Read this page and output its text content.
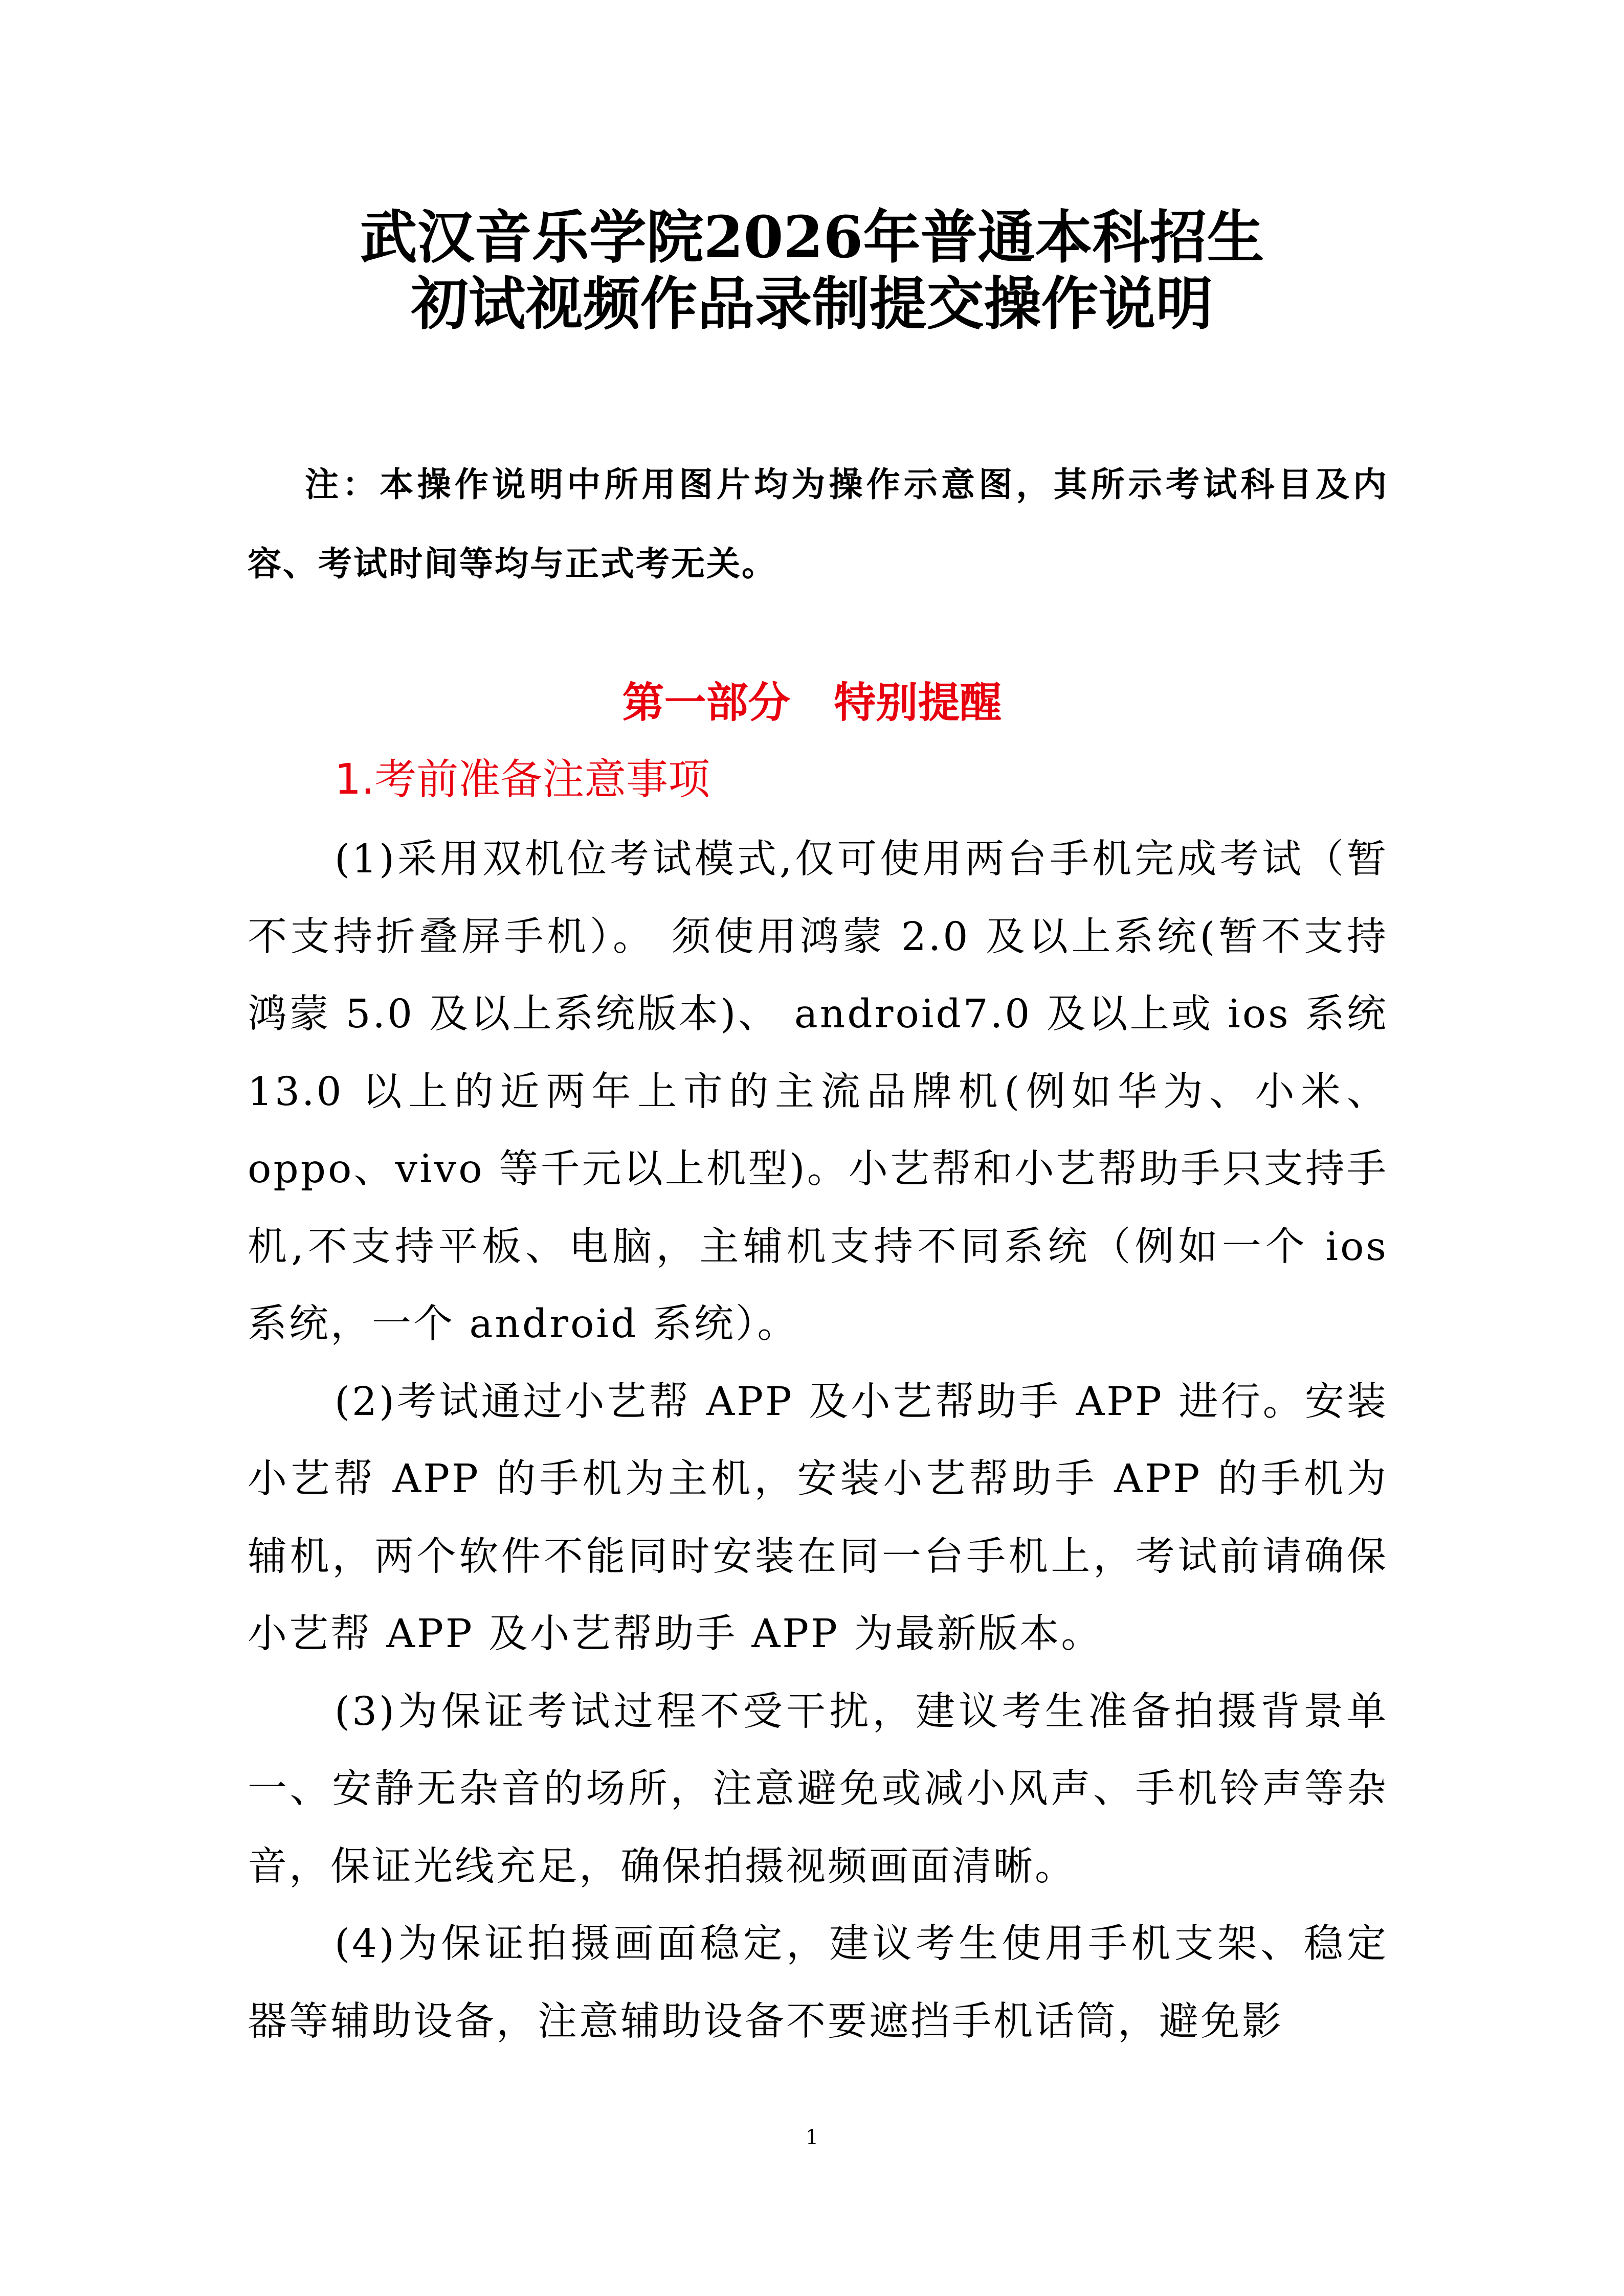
武汉音乐学院2026年普通本科招生
初试视频作品录制提交操作说明
注：本操作说明中所用图片均为操作示意图，其所示考试科目及内容、考试时间等均与正式考无关。
第一部分   特别提醒
1.考前准备注意事项

(1)采用双机位考试模式,仅可使用两台手机完成考试（暂不支持折叠屏手机）。 须使用鸿蒙 2.0 及以上系统(暂不支持鸿蒙 5.0 及以上系统版本)、 android7.0 及以上或 ios 系统 13.0 以上的近两年上市的主流品牌机(例如华为、小米、oppo、vivo 等千元以上机型)。小艺帮和小艺帮助手只支持手机,不支持平板、电脑，主辅机支持不同系统（例如一个 ios 系统，一个 android 系统）。

(2)考试通过小艺帮 APP 及小艺帮助手 APP 进行。安装小艺帮 APP 的手机为主机，安装小艺帮助手 APP 的手机为辅机，两个软件不能同时安装在同一台手机上，考试前请确保小艺帮 APP 及小艺帮助手 APP 为最新版本。

(3)为保证考试过程不受干扰，建议考生准备拍摄背景单一、安静无杂音的场所，注意避免或减小风声、手机铃声等杂音，保证光线充足，确保拍摄视频画面清晰。

(4)为保证拍摄画面稳定，建议考生使用手机支架、稳定器等辅助设备，注意辅助设备不要遮挡手机话筒，避免影

1
